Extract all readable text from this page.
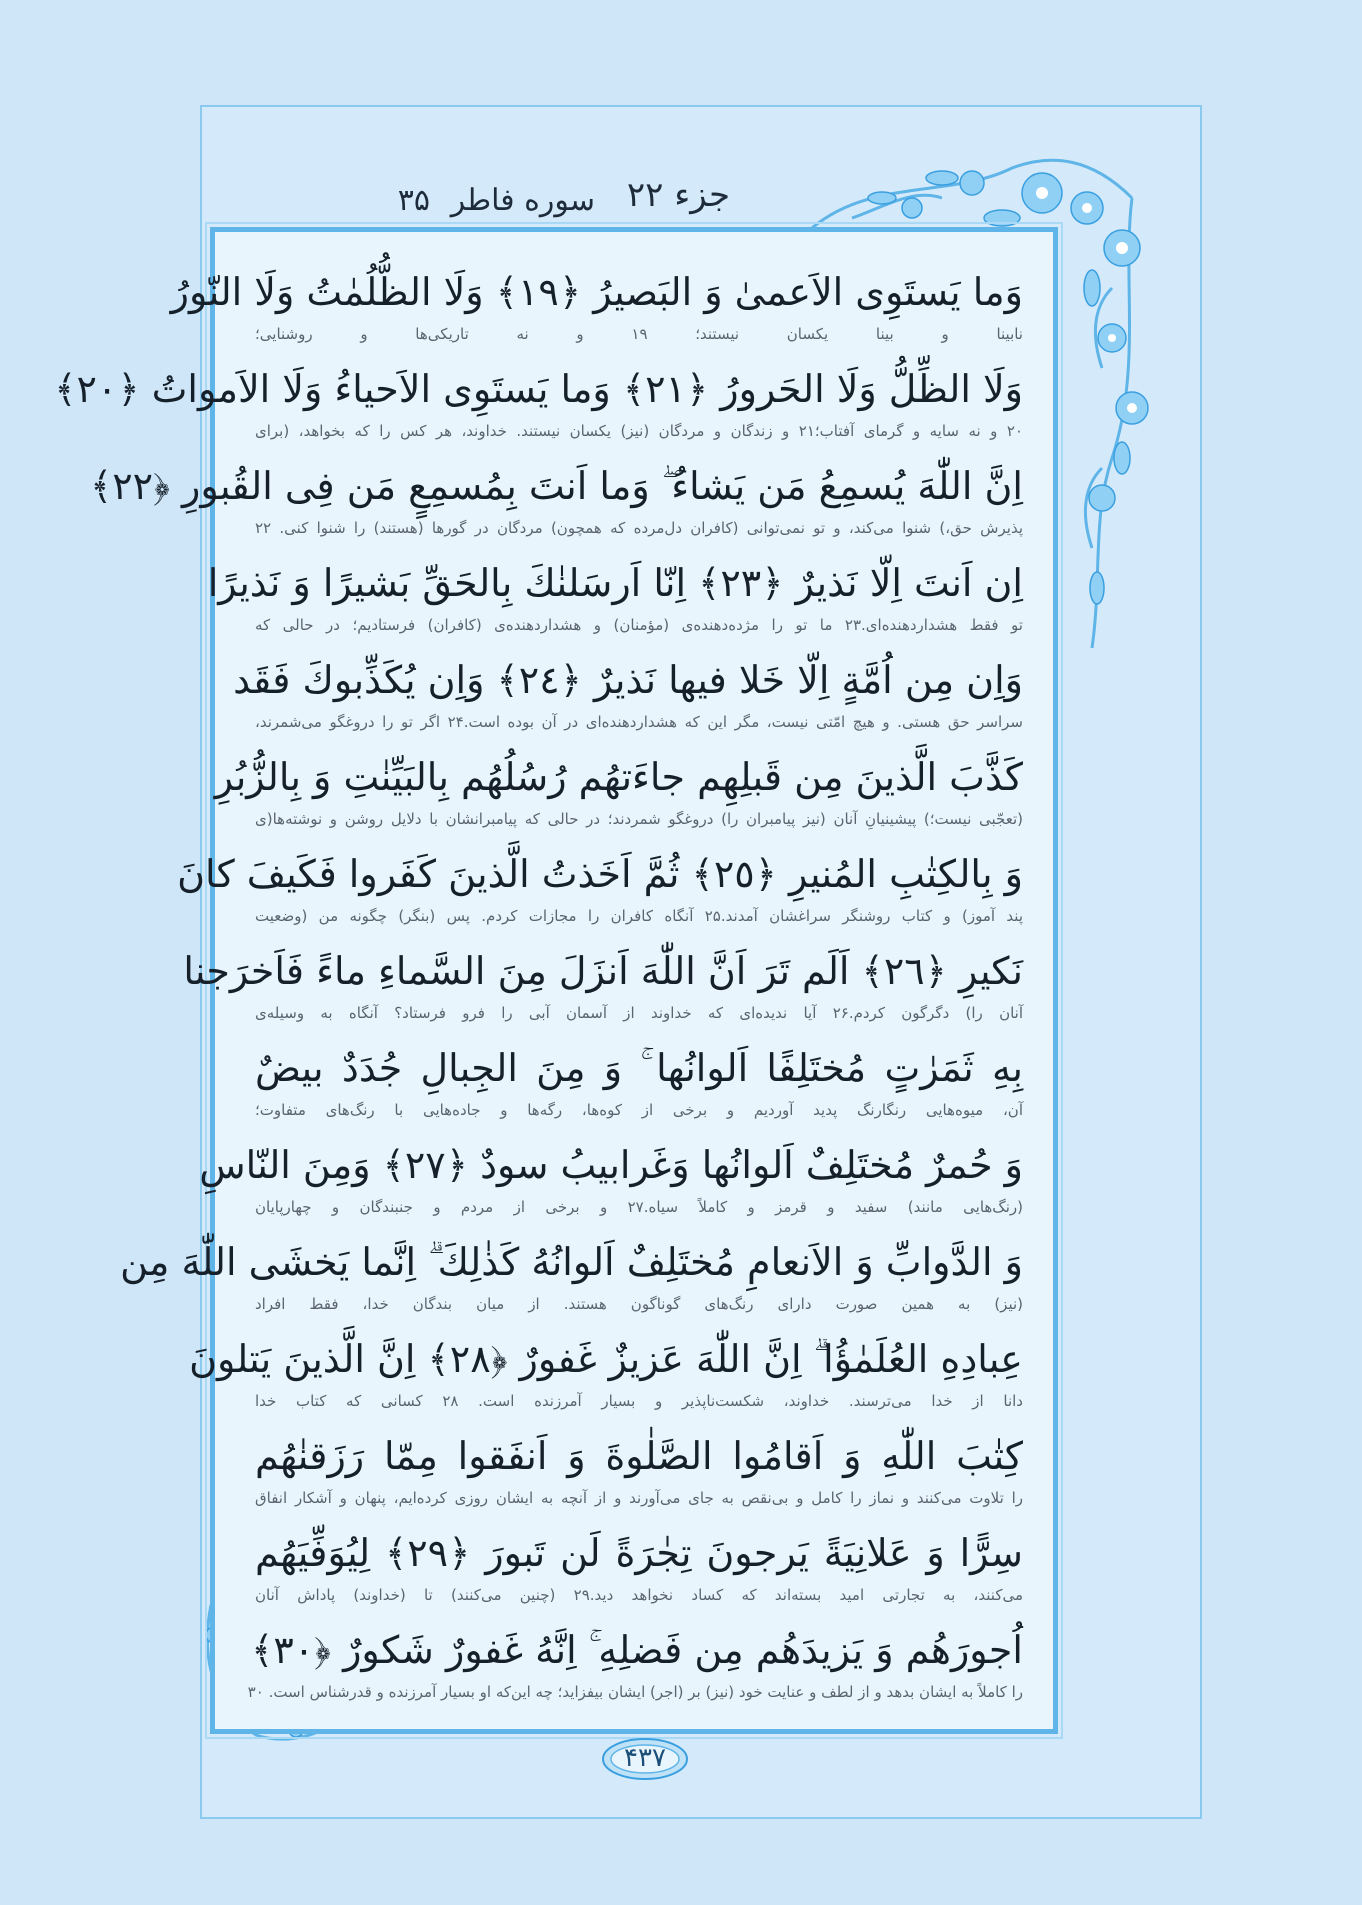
جزء ۲۲
سوره فاطر
۳۵
وَما يَستَوِى الاَعمىٰ وَ البَصيرُ ﴿١٩﴾ وَلَا الظُّلُمٰتُ وَلَا النّورُ
نابینا و بینا یکسان نیستند؛ ۱۹ و نه تاریکی‌ها و روشنایی؛
وَلَا الظِّلُّ وَلَا الحَرورُ ﴿٢١﴾ وَما يَستَوِى الاَحياءُ وَلَا الاَمواتُ ﴿٢٠﴾
۲۰ و نه سایه و گرمای آفتاب؛۲۱ و زندگان و مردگان (نیز) یکسان نیستند. خداوند، هر کس را که بخواهد، (برای
اِنَّ اللّٰهَ يُسمِعُ مَن يَشاءُ ۖ وَما اَنتَ بِمُسمِعٍ مَن فِى القُبورِ ﴿٢٢﴾
پذیرش حق،) شنوا می‌کند، و تو نمی‌توانی (کافران دل‌مرده که همچون) مردگان در گورها (هستند) را شنوا کنی. ۲۲
اِن اَنتَ اِلّا نَذيرٌ ﴿٢٣﴾ اِنّا اَرسَلنٰكَ بِالحَقِّ بَشيرًا وَ نَذيرًا
تو فقط هشداردهنده‌ای.۲۳ ما تو را مژده‌دهنده‌ی (مؤمنان) و هشداردهنده‌ی (کافران) فرستادیم؛ در حالی که
وَاِن مِن اُمَّةٍ اِلّا خَلا فيها نَذيرٌ ﴿٢٤﴾ وَاِن يُكَذِّبوكَ فَقَد
سراسر حق هستی. و هیچ امّتی نیست، مگر این که هشداردهنده‌ای در آن بوده است.۲۴ اگر تو را دروغگو می‌شمرند،
كَذَّبَ الَّذينَ مِن قَبلِهِم جاءَتهُم رُسُلُهُم بِالبَيِّنٰتِ وَ بِالزُّبُرِ
(تعجّبی نیست؛) پیشینیانِ آنان (نیز پیامبران را) دروغگو شمردند؛ در حالی که پیامبرانشان با دلایل روشن و نوشته‌ها(ی
وَ بِالكِتٰبِ المُنيرِ ﴿٢٥﴾ ثُمَّ اَخَذتُ الَّذينَ كَفَروا فَكَيفَ كانَ
پند آموز) و کتاب روشنگر سراغشان آمدند.۲۵ آنگاه کافران را مجازات کردم. پس (بنگر) چگونه من (وضعیت
نَكيرِ ﴿٢٦﴾ اَلَم تَرَ اَنَّ اللّٰهَ اَنزَلَ مِنَ السَّماءِ ماءً فَاَخرَجنا
آنان را) دگرگون کردم.۲۶ آیا ندیده‌ای که خداوند از آسمان آبی را فرو فرستاد؟ آنگاه به وسیله‌ی
بِهِ ثَمَرٰتٍ مُختَلِفًا اَلوانُها ۚ وَ مِنَ الجِبالِ جُدَدٌ بيضٌ
آن، میوه‌هایی رنگارنگ پدید آوردیم و برخی از کوه‌ها، رگه‌ها و جاده‌هایی با رنگ‌های متفاوت؛
وَ حُمرٌ مُختَلِفٌ اَلوانُها وَغَرابيبُ سودٌ ﴿٢٧﴾ وَمِنَ النّاسِ
(رنگ‌هایی مانند) سفید و قرمز و کاملاً سیاه.۲۷ و برخی از مردم و جنبندگان و چهارپایان
وَ الدَّوابِّ وَ الاَنعامِ مُختَلِفٌ اَلوانُهُ كَذٰلِكَ ۗ اِنَّما يَخشَى اللّٰهَ مِن
(نیز) به همین صورت دارای رنگ‌های گوناگون هستند. از میان بندگان خدا، فقط افراد
عِبادِهِ العُلَمٰؤُا ۗ اِنَّ اللّٰهَ عَزيزٌ غَفورٌ ﴿٢٨﴾ اِنَّ الَّذينَ يَتلونَ
دانا از خدا می‌ترسند. خداوند، شکست‌ناپذیر و بسیار آمرزنده است. ۲۸ کسانی که کتاب خدا
كِتٰبَ اللّٰهِ وَ اَقامُوا الصَّلٰوةَ وَ اَنفَقوا مِمّا رَزَقنٰهُم
را تلاوت می‌کنند و نماز را کامل و بی‌نقص به جای می‌آورند و از آنچه به ایشان روزی کرده‌ایم، پنهان و آشکار انفاق
سِرًّا وَ عَلانِيَةً يَرجونَ تِجٰرَةً لَن تَبورَ ﴿٢٩﴾ لِيُوَفِّيَهُم
می‌کنند، به تجارتی امید بسته‌اند که کساد نخواهد دید.۲۹ (چنین می‌کنند) تا (خداوند) پاداش آنان
اُجورَهُم وَ يَزيدَهُم مِن فَضلِهِ ۚ اِنَّهُ غَفورٌ شَكورٌ ﴿٣٠﴾
را کاملاً به ایشان بدهد و از لطف و عنایت خود (نیز) بر (اجر) ایشان بیفزاید؛ چه این‌که او بسیار آمرزنده و قدرشناس است. ۳۰
۴۳۷
